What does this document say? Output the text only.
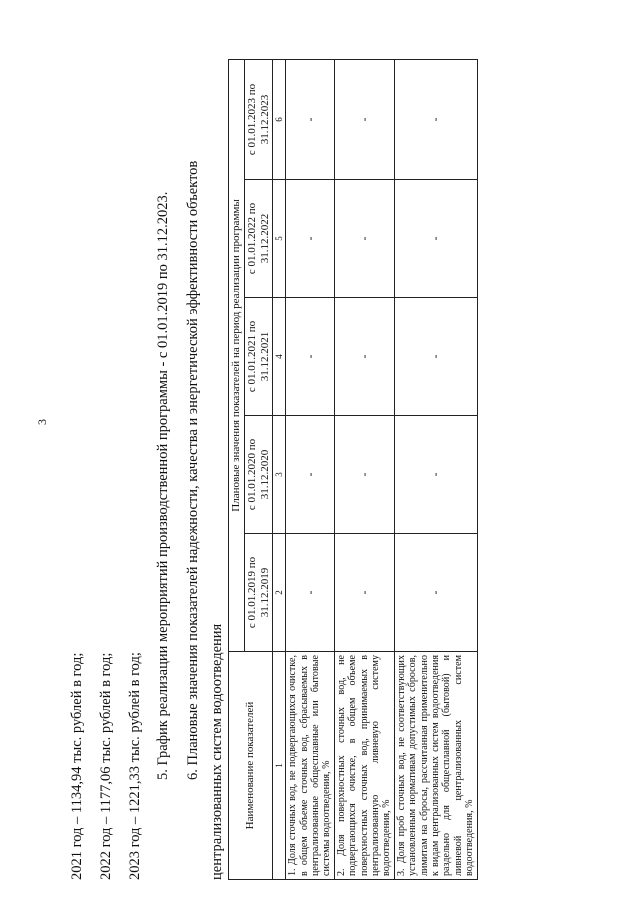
3
2021 год – 1134,94 тыс. рублей в год; 2022 год – 1177,06 тыс. рублей в год; 2023 год – 1221,33 тыс. рублей в год; 5. График реализации мероприятий производственной программы - с 01.01.2019 по 31.12.2023. 6. Плановые значения показателей надежности, качества и энергетической эффективности объектов централизованных систем водоотведения Наименование показателей	Плановые значения показателей на период реализации программы				
	с 01.01.2019 по 31.12.2019	с 01.01.2020 по 31.12.2020	с 01.01.2021 по 31.12.2021	с 01.01.2022 по 31.12.2022	с 01.01.2023 по 31.12.2023
1	2	3	4	5	6
1. Доля сточных вод, не подвергающихся очистке, в общем объеме сточных вод, сбрасываемых в централизованные общесплавные или бытовые системы водоотведения, %	-	-	-	-	-
2. Доля поверхностных сточных вод, не подвергающихся очистке, в общем объеме поверхностных сточных вод, принимаемых в централизованную ливневую систему водоотведения, %	-	-	-	-	-
3. Доля проб сточных вод, не соответствующих установленным нормативам допустимых сбросов, лимитам на сбросы, рассчитанная применительно к видам централизованных систем водоотведения раздельно для общесплавной (бытовой) и ливневой централизованных систем водоотведения, %	-	-	-	-	-
